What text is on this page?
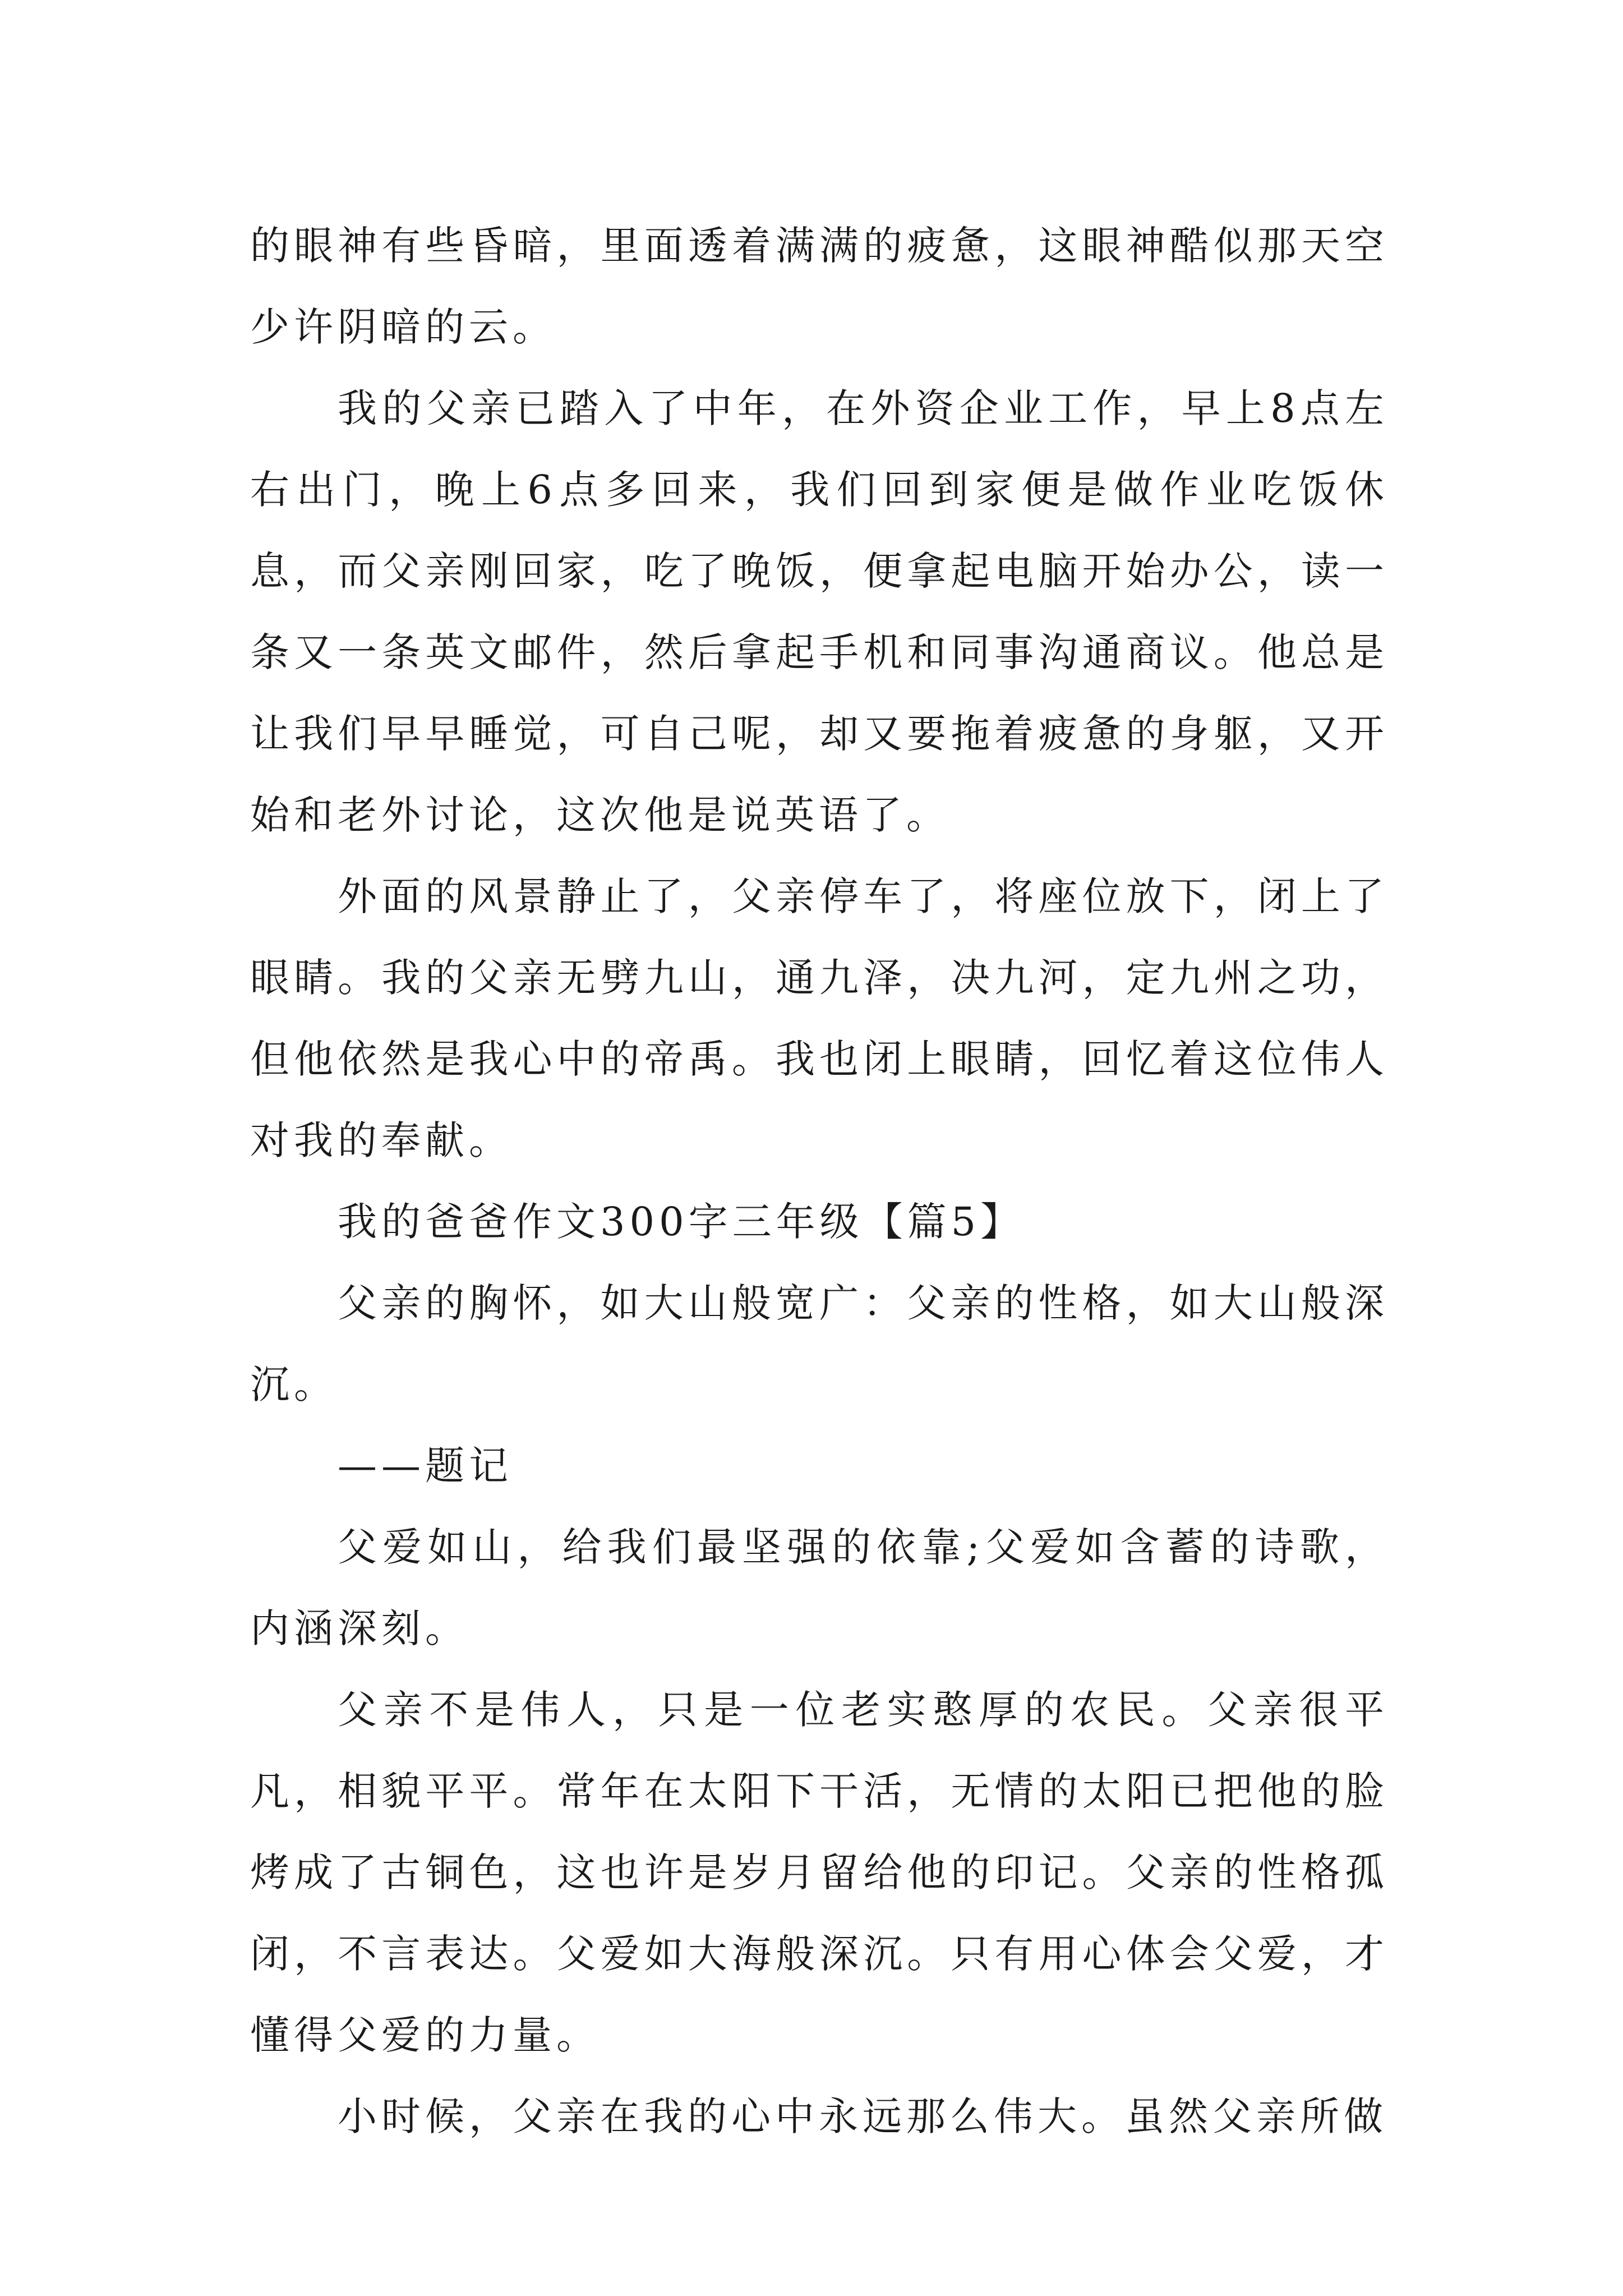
的眼神有些昏暗，里面透着满满的疲惫，这眼神酷似那天空少许阴暗的云。

我的父亲已踏入了中年，在外资企业工作，早上8点左右出门，晚上6点多回来，我们回到家便是做作业吃饭休息，而父亲刚回家，吃了晚饭，便拿起电脑开始办公，读一条又一条英文邮件，然后拿起手机和同事沟通商议。他总是让我们早早睡觉，可自己呢，却又要拖着疲惫的身躯，又开始和老外讨论，这次他是说英语了。

外面的风景静止了，父亲停车了，将座位放下，闭上了眼睛。我的父亲无劈九山，通九泽，决九河，定九州之功，但他依然是我心中的帝禹。我也闭上眼睛，回忆着这位伟人对我的奉献。

我的爸爸作文300字三年级【篇5】

父亲的胸怀，如大山般宽广：父亲的性格，如大山般深沉。

——题记

父爱如山，给我们最坚强的依靠;父爱如含蓄的诗歌，内涵深刻。

父亲不是伟人，只是一位老实憨厚的农民。父亲很平凡，相貌平平。常年在太阳下干活，无情的太阳已把他的脸烤成了古铜色，这也许是岁月留给他的印记。父亲的性格孤闭，不言表达。父爱如大海般深沉。只有用心体会父爱，才懂得父爱的力量。

小时候，父亲在我的心中永远那么伟大。虽然父亲所做
